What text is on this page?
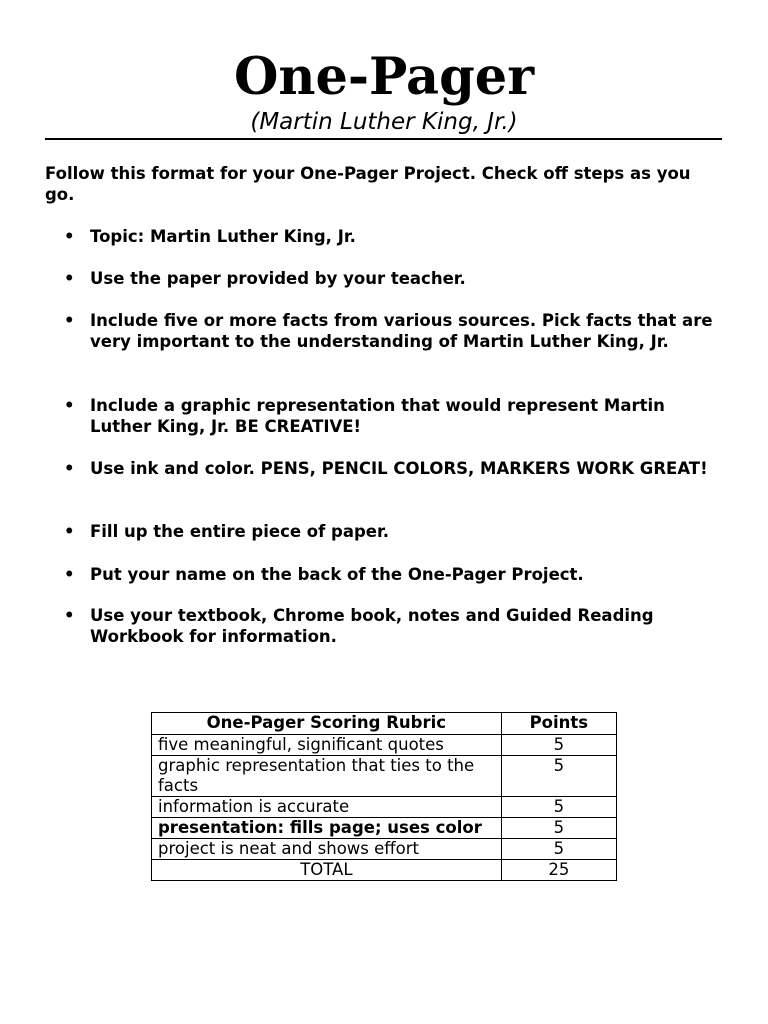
One-Pager
(Martin Luther King, Jr.)
Follow this format for your One-Pager Project. Check off steps as you go.
• Topic: Martin Luther King, Jr.
• Use the paper provided by your teacher.
• Include five or more facts from various sources. Pick facts that are very important to the understanding of Martin Luther King, Jr.
• Include a graphic representation that would represent Martin Luther King, Jr. BE CREATIVE!
• Use ink and color. PENS, PENCIL COLORS, MARKERS WORK GREAT!
• Fill up the entire piece of paper.
• Put your name on the back of the One-Pager Project.
• Use your textbook, Chrome book, notes and Guided Reading Workbook for information.
One-Pager Scoring Rubric	Points
five meaningful, significant quotes	5
graphic representation that ties to the facts	5
information is accurate	5
presentation: fills page; uses color	5
project is neat and shows effort	5
TOTAL	25
